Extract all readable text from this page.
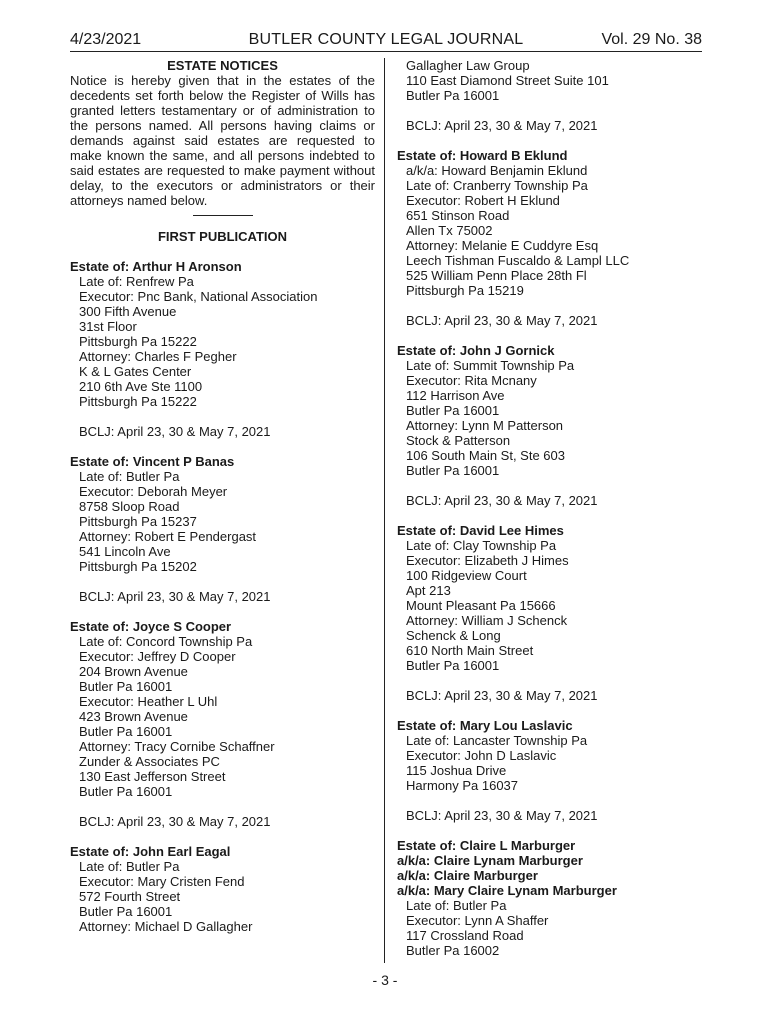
4/23/2021	BUTLER COUNTY LEGAL JOURNAL	Vol. 29 No. 38
ESTATE NOTICES
Notice is hereby given that in the estates of the decedents set forth below the Register of Wills has granted letters testamentary or of administration to the persons named. All persons having claims or demands against said estates are requested to make known the same, and all persons indebted to said estates are requested to make payment without delay, to the executors or administrators or their attorneys named below.
FIRST PUBLICATION
Estate of: Arthur H Aronson
Late of: Renfrew Pa
Executor: Pnc Bank, National Association
300 Fifth Avenue
31st Floor
Pittsburgh Pa 15222
Attorney: Charles F Pegher
K & L Gates Center
210 6th Ave Ste 1100
Pittsburgh Pa 15222
BCLJ: April 23, 30 & May 7, 2021
Estate of: Vincent P Banas
Late of: Butler Pa
Executor: Deborah Meyer
8758 Sloop Road
Pittsburgh Pa 15237
Attorney: Robert E Pendergast
541 Lincoln Ave
Pittsburgh Pa 15202
BCLJ: April 23, 30 & May 7, 2021
Estate of: Joyce S Cooper
Late of: Concord Township Pa
Executor: Jeffrey D Cooper
204 Brown Avenue
Butler Pa 16001
Executor: Heather L Uhl
423 Brown Avenue
Butler Pa 16001
Attorney: Tracy Cornibe Schaffner
Zunder & Associates PC
130 East Jefferson Street
Butler Pa 16001
BCLJ: April 23, 30 & May 7, 2021
Estate of: John Earl Eagal
Late of: Butler Pa
Executor: Mary Cristen Fend
572 Fourth Street
Butler Pa 16001
Attorney: Michael D Gallagher
Gallagher Law Group
110 East Diamond Street Suite 101
Butler Pa 16001
BCLJ: April 23, 30 & May 7, 2021
Estate of: Howard B Eklund
a/k/a: Howard Benjamin Eklund
Late of: Cranberry Township Pa
Executor: Robert H Eklund
651 Stinson Road
Allen Tx 75002
Attorney: Melanie E Cuddyre Esq
Leech Tishman Fuscaldo & Lampl LLC
525 William Penn Place 28th Fl
Pittsburgh Pa 15219
BCLJ: April 23, 30 & May 7, 2021
Estate of: John J Gornick
Late of: Summit Township Pa
Executor: Rita Mcnany
112 Harrison Ave
Butler Pa 16001
Attorney: Lynn M Patterson
Stock & Patterson
106 South Main St, Ste 603
Butler Pa 16001
BCLJ: April 23, 30 & May 7, 2021
Estate of: David Lee Himes
Late of: Clay Township Pa
Executor: Elizabeth J Himes
100 Ridgeview Court
Apt 213
Mount Pleasant Pa 15666
Attorney: William J Schenck
Schenck & Long
610 North Main Street
Butler Pa 16001
BCLJ: April 23, 30 & May 7, 2021
Estate of: Mary Lou Laslavic
Late of: Lancaster Township Pa
Executor: John D Laslavic
115 Joshua Drive
Harmony Pa 16037
BCLJ: April 23, 30 & May 7, 2021
Estate of: Claire L Marburger
a/k/a: Claire Lynam Marburger
a/k/a: Claire Marburger
a/k/a: Mary Claire Lynam Marburger
Late of: Butler Pa
Executor: Lynn A Shaffer
117 Crossland Road
Butler Pa 16002
- 3 -
